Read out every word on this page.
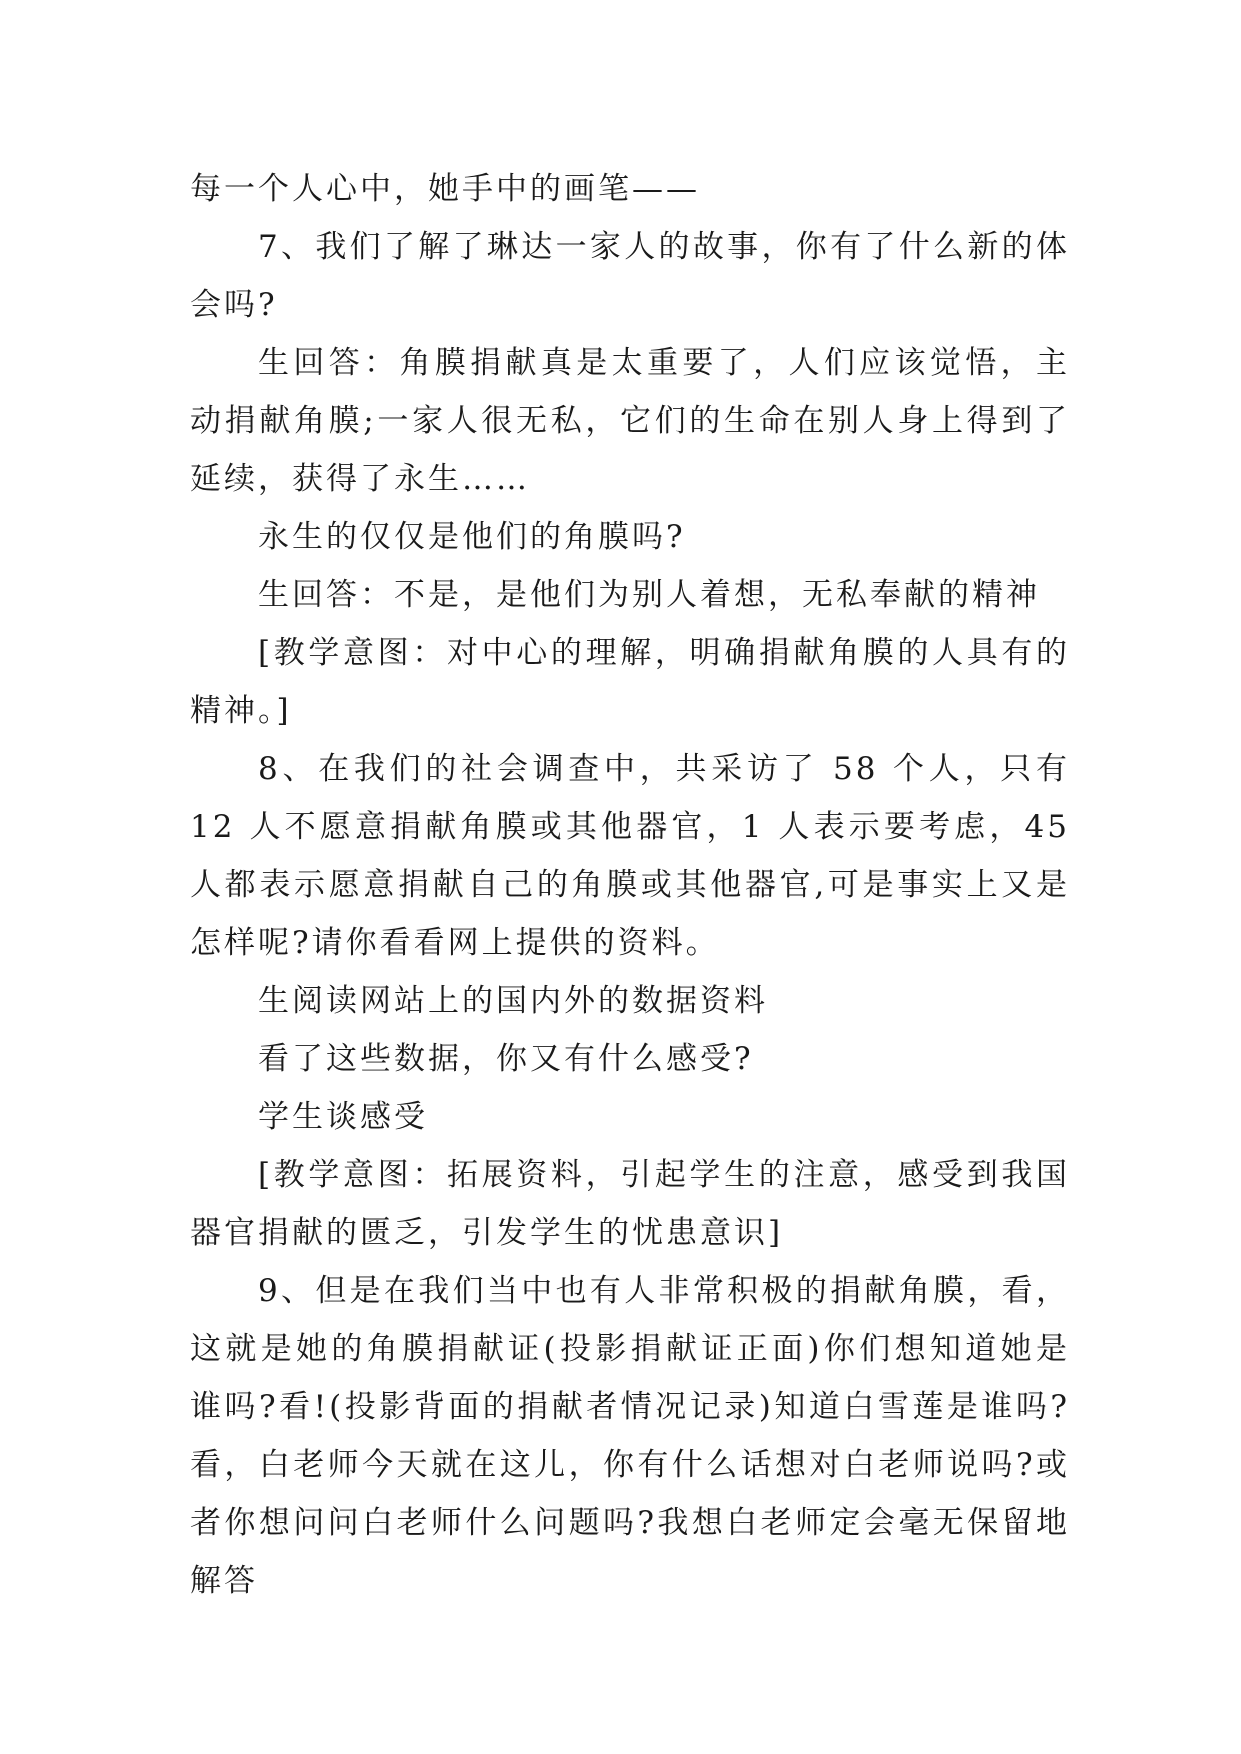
每一个人心中，她手中的画笔——

7、我们了解了琳达一家人的故事，你有了什么新的体会吗?

生回答：角膜捐献真是太重要了，人们应该觉悟，主动捐献角膜;一家人很无私，它们的生命在别人身上得到了延续，获得了永生……

永生的仅仅是他们的角膜吗?

生回答：不是，是他们为别人着想，无私奉献的精神

[教学意图：对中心的理解，明确捐献角膜的人具有的精神。]

8、在我们的社会调查中，共采访了 58 个人，只有 12 人不愿意捐献角膜或其他器官，1 人表示要考虑，45 人都表示愿意捐献自己的角膜或其他器官,可是事实上又是怎样呢?请你看看网上提供的资料。

生阅读网站上的国内外的数据资料

看了这些数据，你又有什么感受?

学生谈感受

[教学意图：拓展资料，引起学生的注意，感受到我国器官捐献的匮乏，引发学生的忧患意识]

9、但是在我们当中也有人非常积极的捐献角膜，看，这就是她的角膜捐献证(投影捐献证正面)你们想知道她是谁吗?看!(投影背面的捐献者情况记录)知道白雪莲是谁吗?看，白老师今天就在这儿，你有什么话想对白老师说吗?或者你想问问白老师什么问题吗?我想白老师定会毫无保留地解答
